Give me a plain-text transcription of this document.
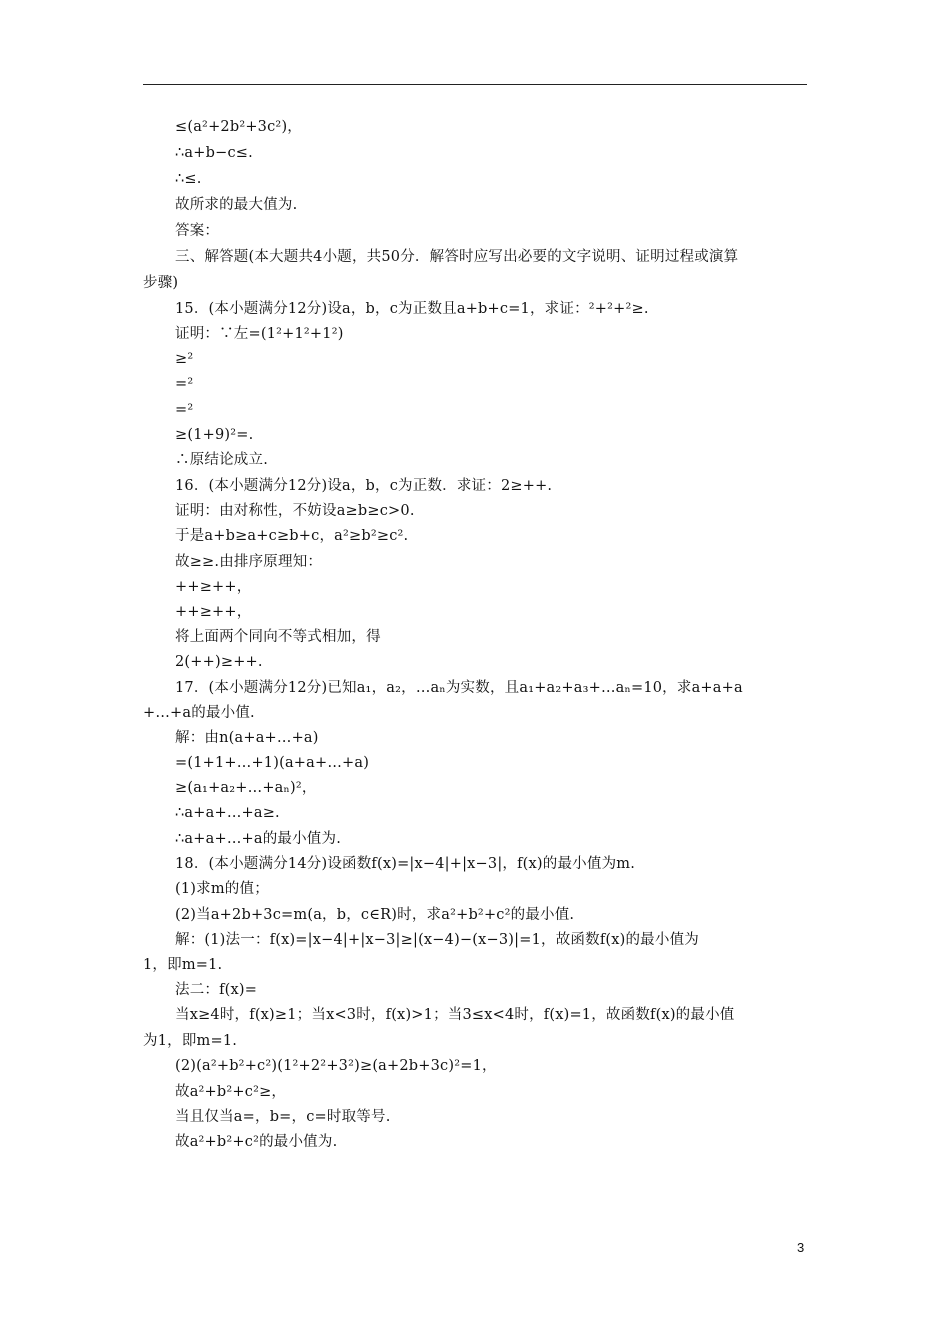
≤(a²+2b²+3c²)，
∴a+b−c≤.
∴≤.
故所求的最大值为.
答案：
三、解答题(本大题共4小题，共50分．解答时应写出必要的文字说明、证明过程或演算
步骤)
15．(本小题满分12分)设a，b，c为正数且a+b+c=1，求证：²+²+²≥.
证明：∵左=(1²+1²+1²)
≥²
=²
=²
≥(1+9)²=.
∴原结论成立.
16．(本小题满分12分)设a，b，c为正数．求证：2≥++.
证明：由对称性，不妨设a≥b≥c>0.
于是a+b≥a+c≥b+c，a²≥b²≥c².
故≥≥.由排序原理知：
++≥++，
++≥++，
将上面两个同向不等式相加，得
2(++)≥++.
17．(本小题满分12分)已知a₁，a₂，…aₙ为实数，且a₁+a₂+a₃+…aₙ=10，求a+a+a
+…+a的最小值.
解：由n(a+a+…+a)
=(1+1+…+1)(a+a+…+a)
≥(a₁+a₂+…+aₙ)²，
∴a+a+…+a≥.
∴a+a+…+a的最小值为.
18．(本小题满分14分)设函数f(x)=|x−4|+|x−3|，f(x)的最小值为m.
(1)求m的值；
(2)当a+2b+3c=m(a，b，c∈R)时，求a²+b²+c²的最小值.
解：(1)法一：f(x)=|x−4|+|x−3|≥|(x−4)−(x−3)|=1，故函数f(x)的最小值为
1，即m=1.
法二：f(x)=
当x≥4时，f(x)≥1；当x<3时，f(x)>1；当3≤x<4时，f(x)=1，故函数f(x)的最小值
为1，即m=1.
(2)(a²+b²+c²)(1²+2²+3²)≥(a+2b+3c)²=1，
故a²+b²+c²≥，
当且仅当a=，b=，c=时取等号.
故a²+b²+c²的最小值为.
3
